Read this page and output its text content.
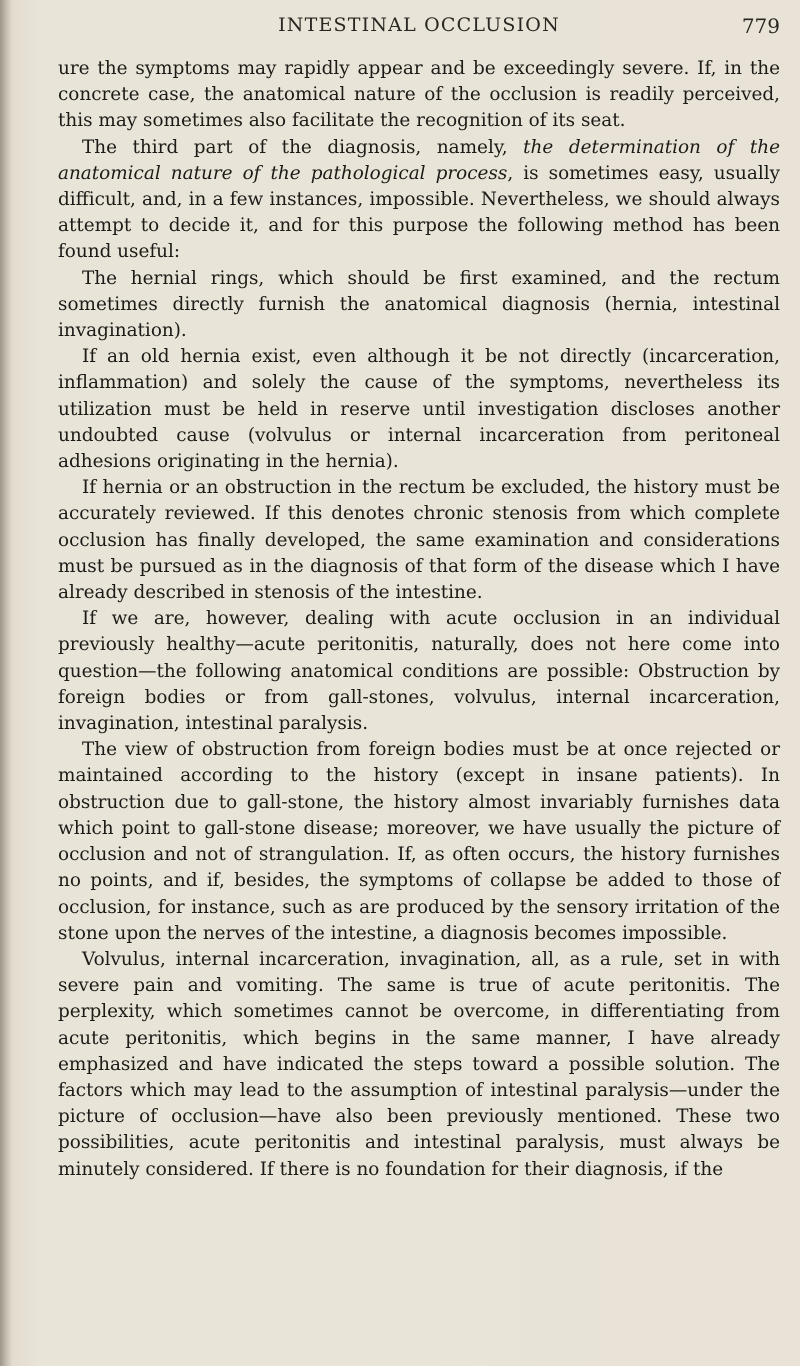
INTESTINAL OCCLUSION	779

ure the symptoms may rapidly appear and be exceedingly severe. If, in the concrete case, the anatomical nature of the occlusion is readily perceived, this may sometimes also facilitate the recognition of its seat.

The third part of the diagnosis, namely, the determination of the anatomical nature of the pathological process, is sometimes easy, usually difficult, and, in a few instances, impossible. Nevertheless, we should always attempt to decide it, and for this purpose the following method has been found useful:

The hernial rings, which should be first examined, and the rectum sometimes directly furnish the anatomical diagnosis (hernia, intestinal invagination).

If an old hernia exist, even although it be not directly (incarceration, inflammation) and solely the cause of the symptoms, nevertheless its utilization must be held in reserve until investigation discloses another undoubted cause (volvulus or internal incarceration from peritoneal adhesions originating in the hernia).

If hernia or an obstruction in the rectum be excluded, the history must be accurately reviewed. If this denotes chronic stenosis from which complete occlusion has finally developed, the same examination and considerations must be pursued as in the diagnosis of that form of the disease which I have already described in stenosis of the intestine.

If we are, however, dealing with acute occlusion in an individual previously healthy—acute peritonitis, naturally, does not here come into question—the following anatomical conditions are possible: Obstruction by foreign bodies or from gall-stones, volvulus, internal incarceration, invagination, intestinal paralysis.

The view of obstruction from foreign bodies must be at once rejected or maintained according to the history (except in insane patients). In obstruction due to gall-stone, the history almost invariably furnishes data which point to gall-stone disease; moreover, we have usually the picture of occlusion and not of strangulation. If, as often occurs, the history furnishes no points, and if, besides, the symptoms of collapse be added to those of occlusion, for instance, such as are produced by the sensory irritation of the stone upon the nerves of the intestine, a diagnosis becomes impossible.

Volvulus, internal incarceration, invagination, all, as a rule, set in with severe pain and vomiting. The same is true of acute peritonitis. The perplexity, which sometimes cannot be overcome, in differentiating from acute peritonitis, which begins in the same manner, I have already emphasized and have indicated the steps toward a possible solution. The factors which may lead to the assumption of intestinal paralysis—under the picture of occlusion—have also been previously mentioned. These two possibilities, acute peritonitis and intestinal paralysis, must always be minutely considered. If there is no foundation for their diagnosis, if the
